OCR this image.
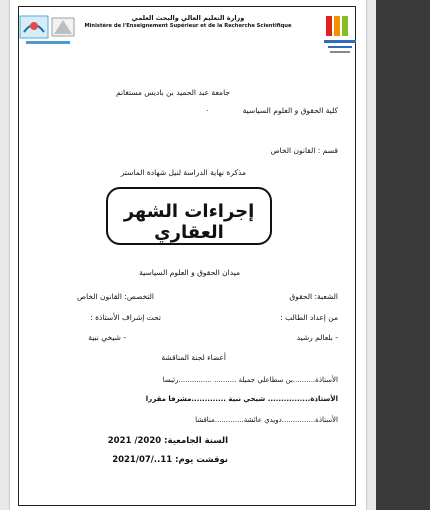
وزارة التعليم العالي والبحث العلمي
Ministère de l'Enseignement Supérieur et de la Recherche Scientifique
جامعة عبد الحميد بن باديس مستغانم
كلية الحقوق و العلوم السياسية
.
قسم : القانون الخاص
مذكرة نهاية الدراسة لنيل شهادة الماستر
إجراءات الشهر العقاري
ميدان الحقوق و العلوم السياسية
الشعبة: الحقوق
التخصص: القانون الخاص
من إعداد الطالب :
تحت إشراف الأستاذة :
- بلعالم رشيد
- شيخي نبية
أعضاء لجنة المناقشة
الأستاذة..........بن سطاعلي جميلة .......... ...............رئيسا
الأستاذة................ شيخي نبية .............مشرفا مقررا
الأستاذة...............دويدي عائشة.............مناقشا
السنة الجامعية: 2020/ 2021
نوقشت يوم: 11../2021/07
